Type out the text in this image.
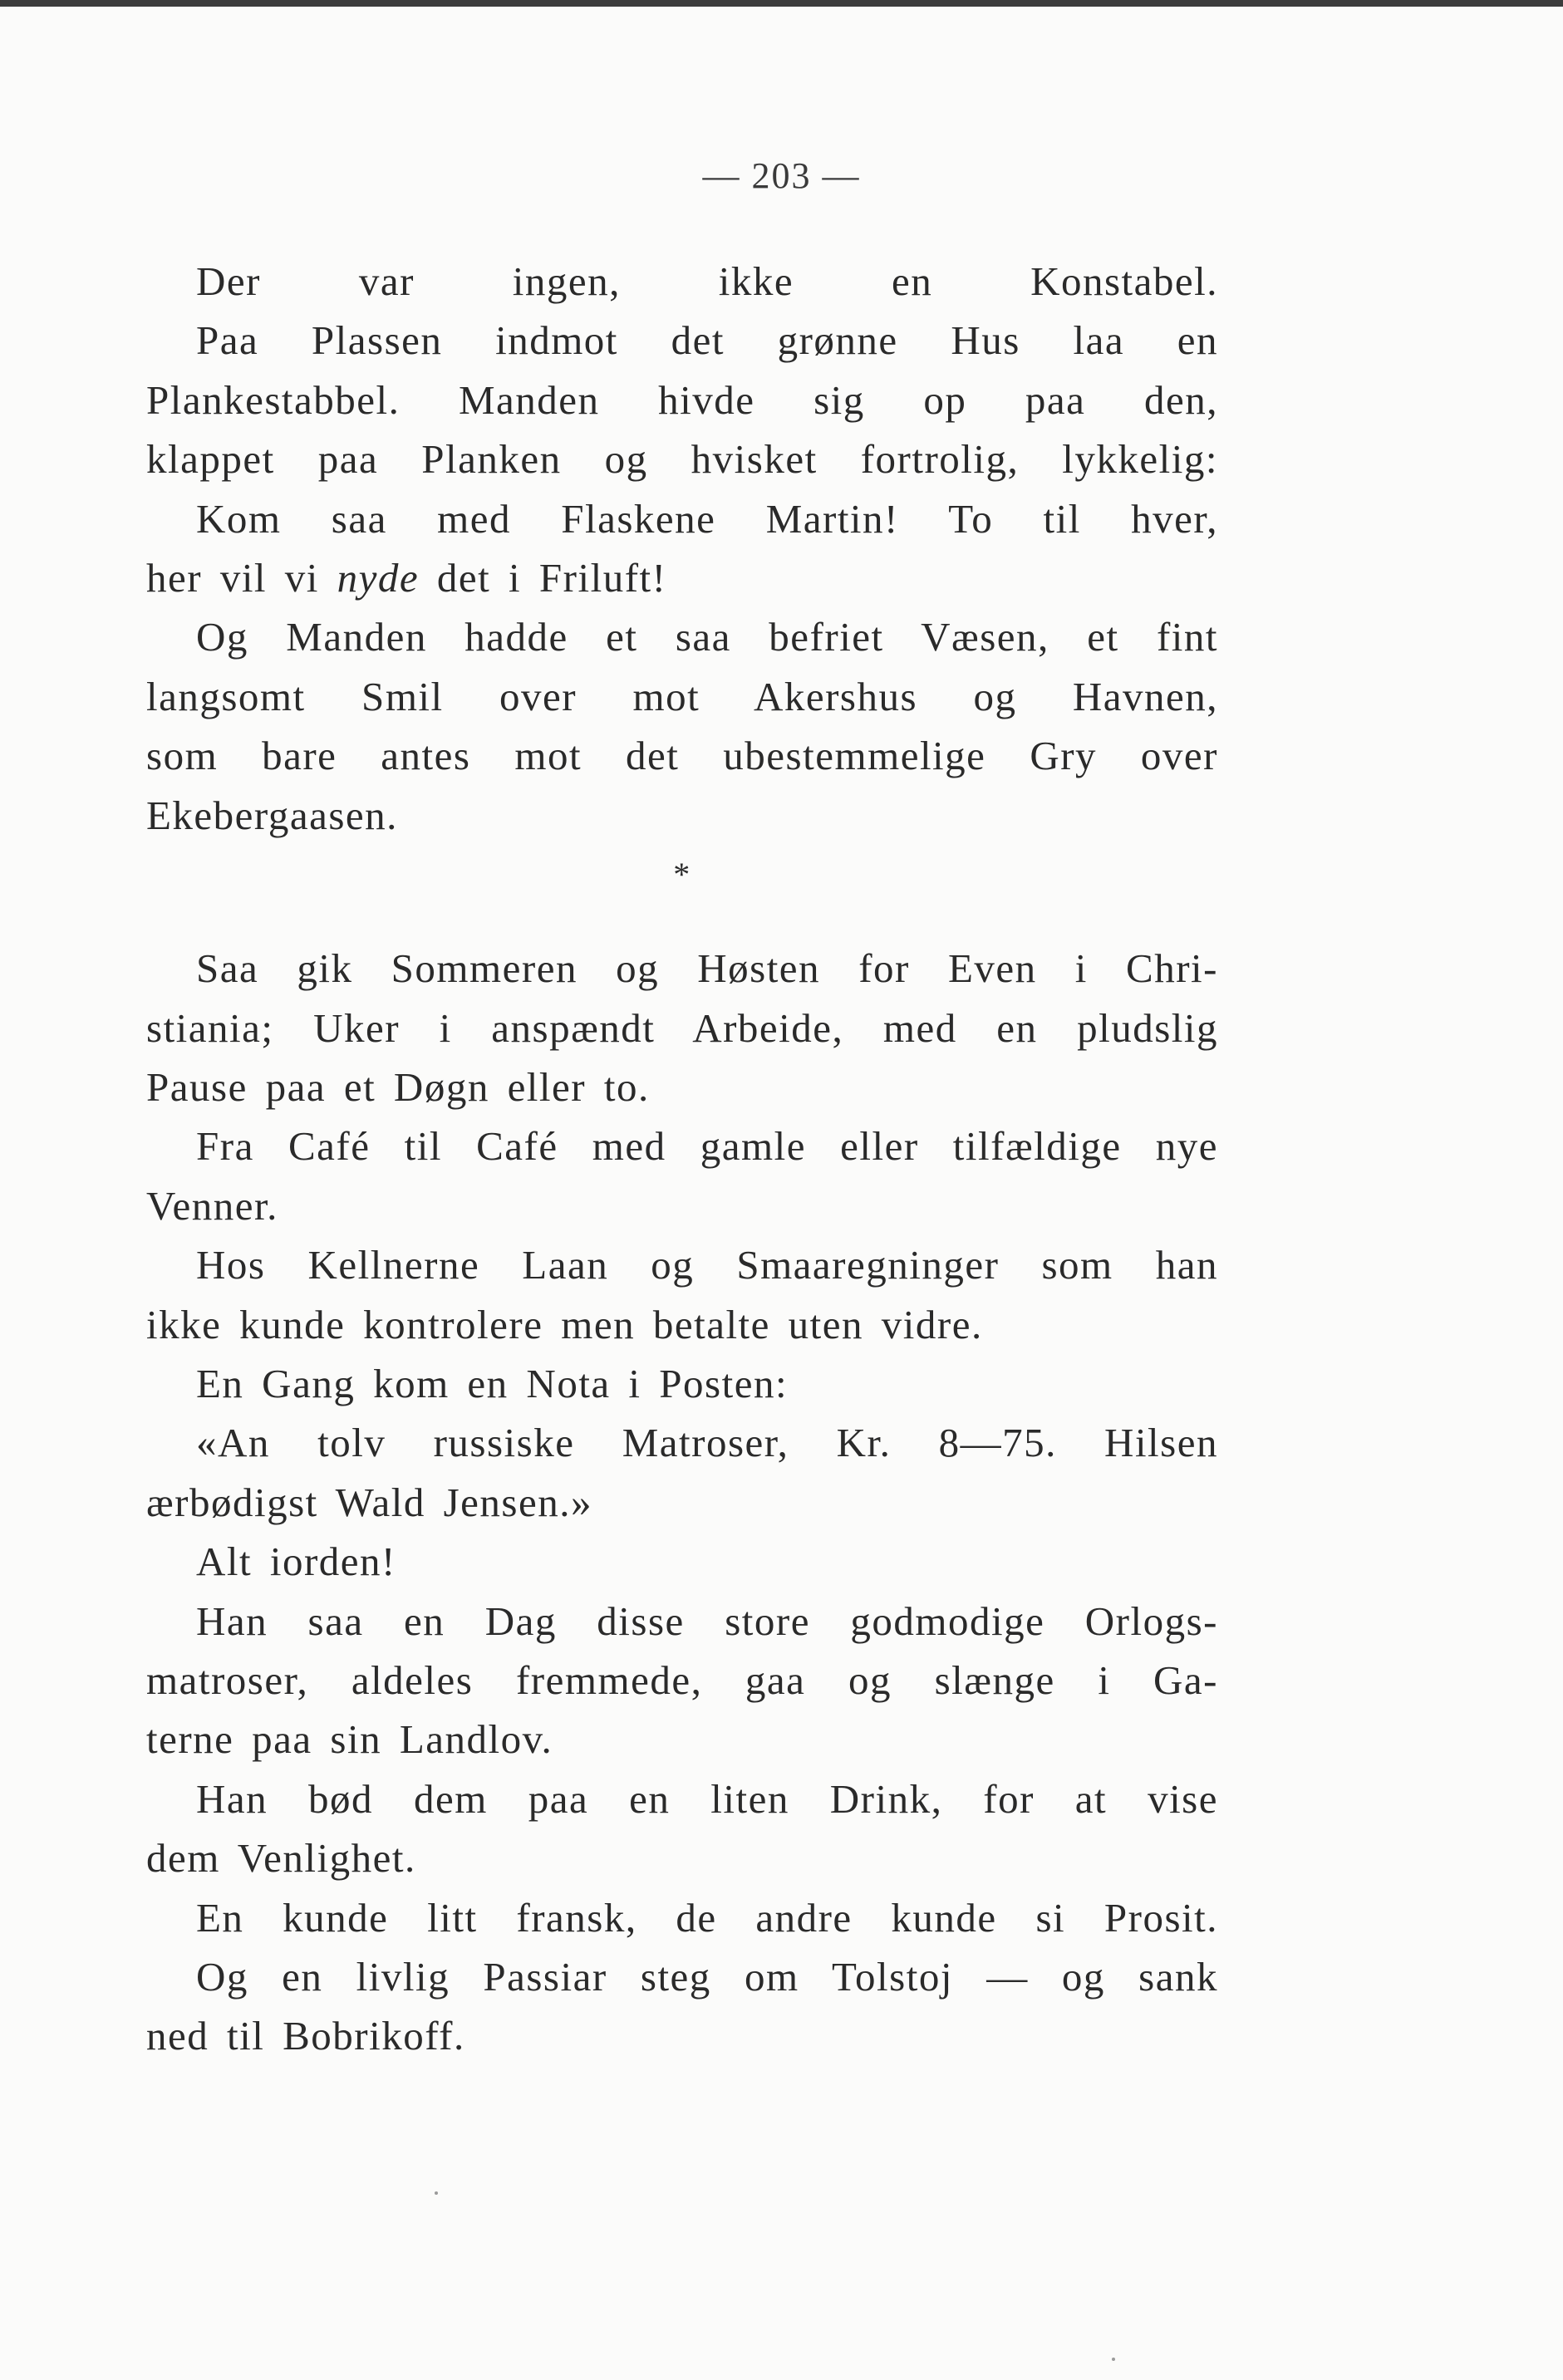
— 203 —
Der var ingen, ikke en Konstabel.
Paa Plassen indmot det grønne Hus laa en
Plankestabbel. Manden hivde sig op paa den,
klappet paa Planken og hvisket fortrolig, lykkelig:
Kom saa med Flaskene Martin! To til hver,
her vil vi nyde det i Friluft!
Og Manden hadde et saa befriet Væsen, et fint
langsomt Smil over mot Akershus og Havnen,
som bare antes mot det ubestemmelige Gry over
Ekebergaasen.
*
Saa gik Sommeren og Høsten for Even i Chri-
stiania; Uker i anspændt Arbeide, med en pludslig
Pause paa et Døgn eller to.
Fra Café til Café med gamle eller tilfældige nye
Venner.
Hos Kellnerne Laan og Smaaregninger som han
ikke kunde kontrolere men betalte uten vidre.
En Gang kom en Nota i Posten:
«An tolv russiske Matroser, Kr. 8—75. Hilsen
ærbødigst Wald Jensen.»
Alt iorden!
Han saa en Dag disse store godmodige Orlogs-
matroser, aldeles fremmede, gaa og slænge i Ga-
terne paa sin Landlov.
Han bød dem paa en liten Drink, for at vise
dem Venlighet.
En kunde litt fransk, de andre kunde si Prosit.
Og en livlig Passiar steg om Tolstoj — og sank
ned til Bobrikoff.
